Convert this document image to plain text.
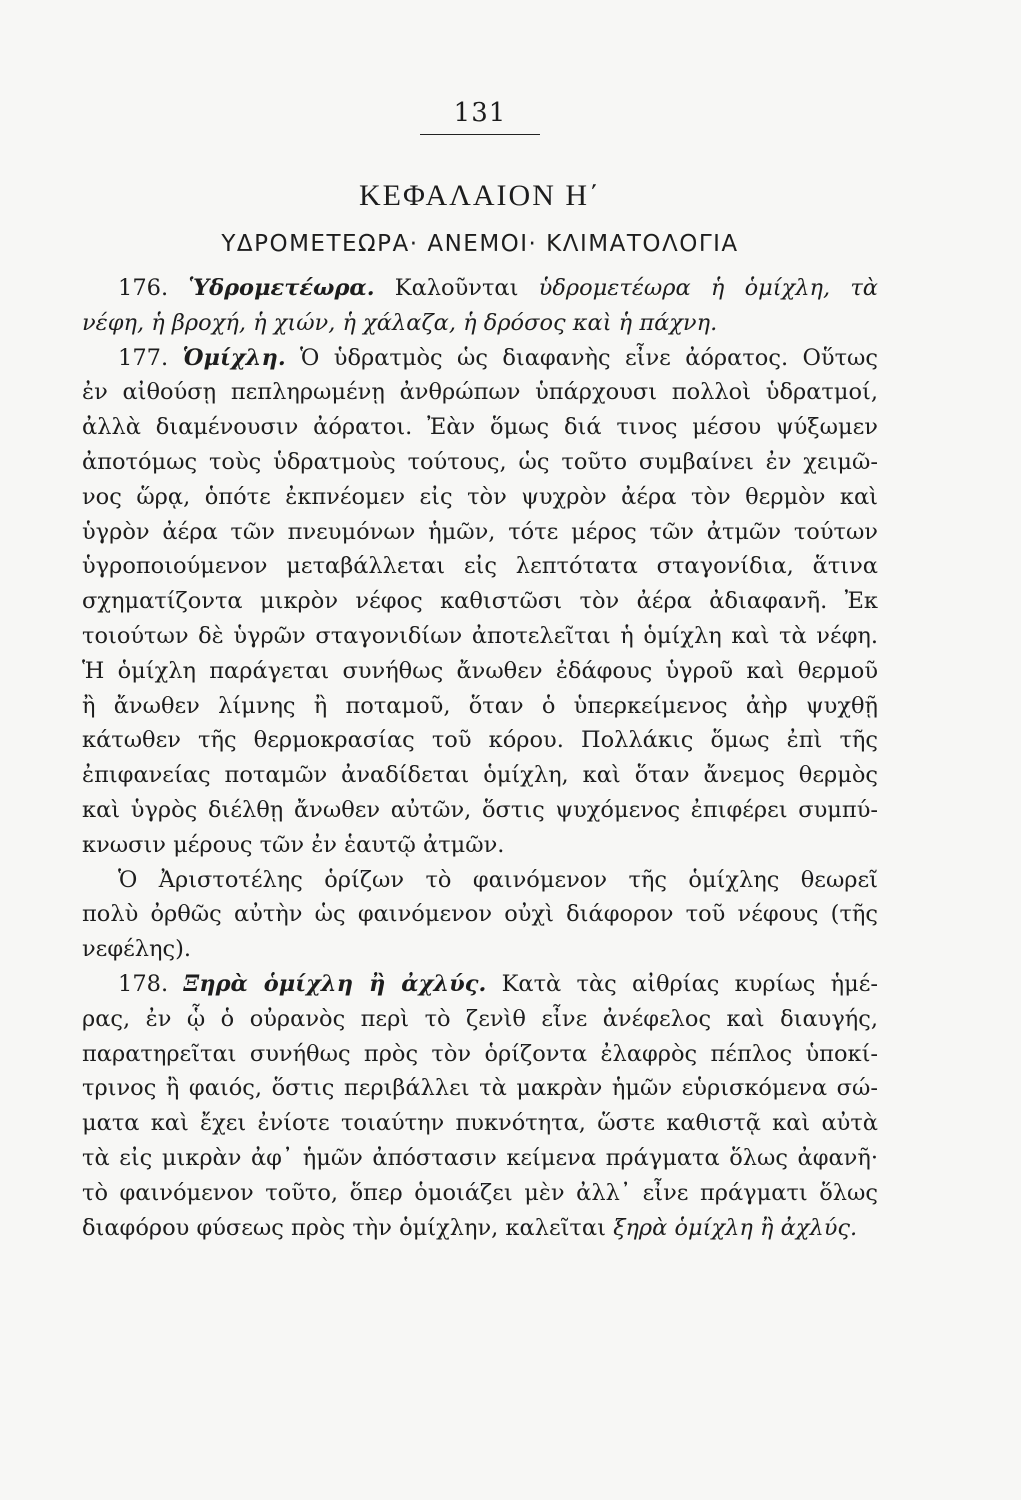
131
ΚΕΦΑΛΑΙΟΝ Η΄
ΥΔΡΟΜΕΤΕΩΡΑ· ΑΝΕΜΟΙ· ΚΛΙΜΑΤΟΛΟΓΙΑ
176. Ὑδρομετέωρα. Καλοῦνται ὑδρομετέωρα ἡ ὁμίχλη, τὰ
νέφη, ἡ βροχή, ἡ χιών, ἡ χάλαζα, ἡ δρόσος καὶ ἡ πάχνη.
177. Ὁμίχλη. Ὁ ὑδρατμὸς ὡς διαφανὴς εἶνε ἀόρατος. Οὕτως
ἐν αἰθούσῃ πεπληρωμένῃ ἀνθρώπων ὑπάρχουσι πολλοὶ ὑδρατμοί,
ἀλλὰ διαμένουσιν ἀόρατοι. Ἐὰν ὅμως διά τινος μέσου ψύξωμεν
ἀποτόμως τοὺς ὑδρατμοὺς τούτους, ὡς τοῦτο συμβαίνει ἐν χειμῶ-
νος ὥρᾳ, ὁπότε ἐκπνέομεν εἰς τὸν ψυχρὸν ἀέρα τὸν θερμὸν καὶ
ὑγρὸν ἀέρα τῶν πνευμόνων ἡμῶν, τότε μέρος τῶν ἀτμῶν τούτων
ὑγροποιούμενον μεταβάλλεται εἰς λεπτότατα σταγονίδια, ἅτινα
σχηματίζοντα μικρὸν νέφος καθιστῶσι τὸν ἀέρα ἀδιαφανῆ. Ἐκ
τοιούτων δὲ ὑγρῶν σταγονιδίων ἀποτελεῖται ἡ ὁμίχλη καὶ τὰ νέφη.
Ἡ ὁμίχλη παράγεται συνήθως ἄνωθεν ἐδάφους ὑγροῦ καὶ θερμοῦ
ἢ ἄνωθεν λίμνης ἢ ποταμοῦ, ὅταν ὁ ὑπερκείμενος ἀὴρ ψυχθῇ
κάτωθεν τῆς θερμοκρασίας τοῦ κόρου. Πολλάκις ὅμως ἐπὶ τῆς
ἐπιφανείας ποταμῶν ἀναδίδεται ὁμίχλη, καὶ ὅταν ἄνεμος θερμὸς
καὶ ὑγρὸς διέλθῃ ἄνωθεν αὐτῶν, ὅστις ψυχόμενος ἐπιφέρει συμπύ-
κνωσιν μέρους τῶν ἐν ἑαυτῷ ἀτμῶν.
Ὁ Ἀριστοτέλης ὁρίζων τὸ φαινόμενον τῆς ὁμίχλης θεωρεῖ
πολὺ ὀρθῶς αὐτὴν ὡς φαινόμενον οὐχὶ διάφορον τοῦ νέφους (τῆς
νεφέλης).
178. Ξηρὰ ὁμίχλη ἢ ἀχλύς. Κατὰ τὰς αἰθρίας κυρίως ἡμέ-
ρας, ἐν ᾧ ὁ οὐρανὸς περὶ τὸ ζενὶθ εἶνε ἀνέφελος καὶ διαυγής,
παρατηρεῖται συνήθως πρὸς τὸν ὁρίζοντα ἐλαφρὸς πέπλος ὑποκί-
τρινος ἢ φαιός, ὅστις περιβάλλει τὰ μακρὰν ἡμῶν εὑρισκόμενα σώ-
ματα καὶ ἔχει ἐνίοτε τοιαύτην πυκνότητα, ὥστε καθιστᾷ καὶ αὐτὰ
τὰ εἰς μικρὰν ἀφ᾽ ἡμῶν ἀπόστασιν κείμενα πράγματα ὅλως ἀφανῆ·
τὸ φαινόμενον τοῦτο, ὅπερ ὁμοιάζει μὲν ἀλλ᾽ εἶνε πράγματι ὅλως
διαφόρου φύσεως πρὸς τὴν ὁμίχλην, καλεῖται ξηρὰ ὁμίχλη ἢ ἀχλύς.
